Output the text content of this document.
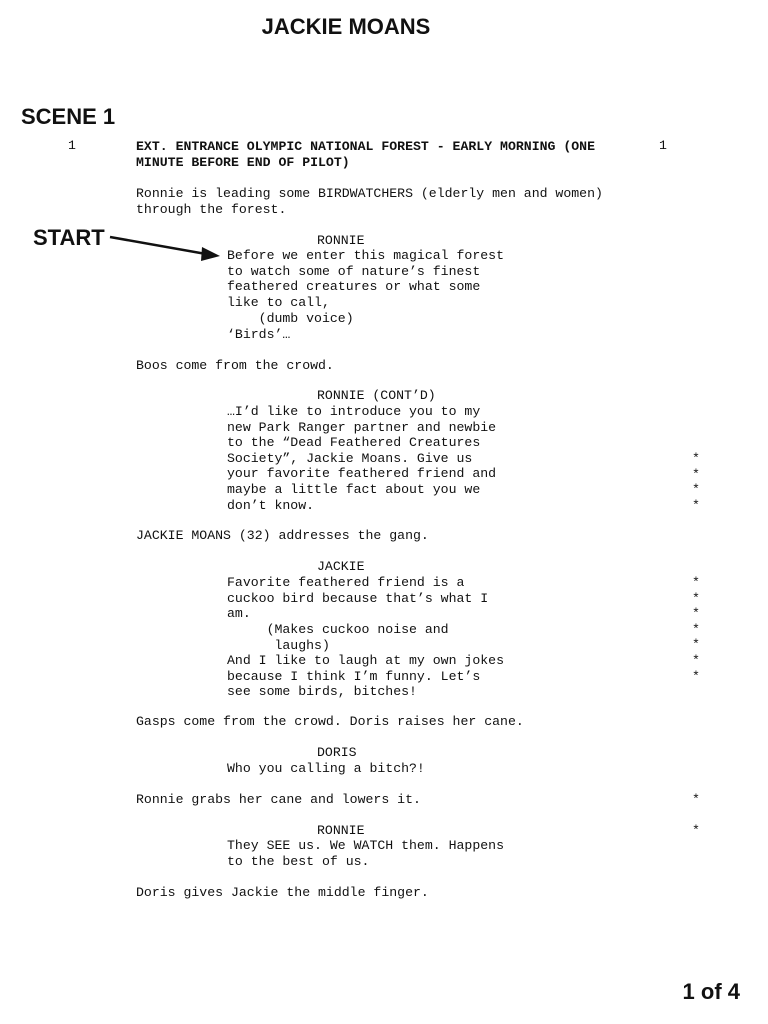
JACKIE MOANS
SCENE 1
START
1	1
EXT. ENTRANCE OLYMPIC NATIONAL FOREST - EARLY MORNING (ONE
MINUTE BEFORE END OF PILOT)
Ronnie is leading some BIRDWATCHERS (elderly men and women)
through the forest.
RONNIE
Before we enter this magical forest
to watch some of nature’s finest
feathered creatures or what some
like to call,
(dumb voice)
‘Birds’…
Boos come from the crowd.
RONNIE (CONT’D)
…I’d like to introduce you to my
new Park Ranger partner and newbie
to the “Dead Feathered Creatures
Society”, Jackie Moans. Give us
your favorite feathered friend and
maybe a little fact about you we
don’t know.
*
*
*
*
JACKIE MOANS (32) addresses the gang.
JACKIE
Favorite feathered friend is a
cuckoo bird because that’s what I
am.
(Makes cuckoo noise and
laughs)
And I like to laugh at my own jokes
because I think I’m funny. Let’s
see some birds, bitches!
*
*
*
*
*
*
*
Gasps come from the crowd. Doris raises her cane.
DORIS
Who you calling a bitch?!
Ronnie grabs her cane and lowers it.	*
RONNIE	*
They SEE us. We WATCH them. Happens
to the best of us.
Doris gives Jackie the middle finger.
1 of 4
